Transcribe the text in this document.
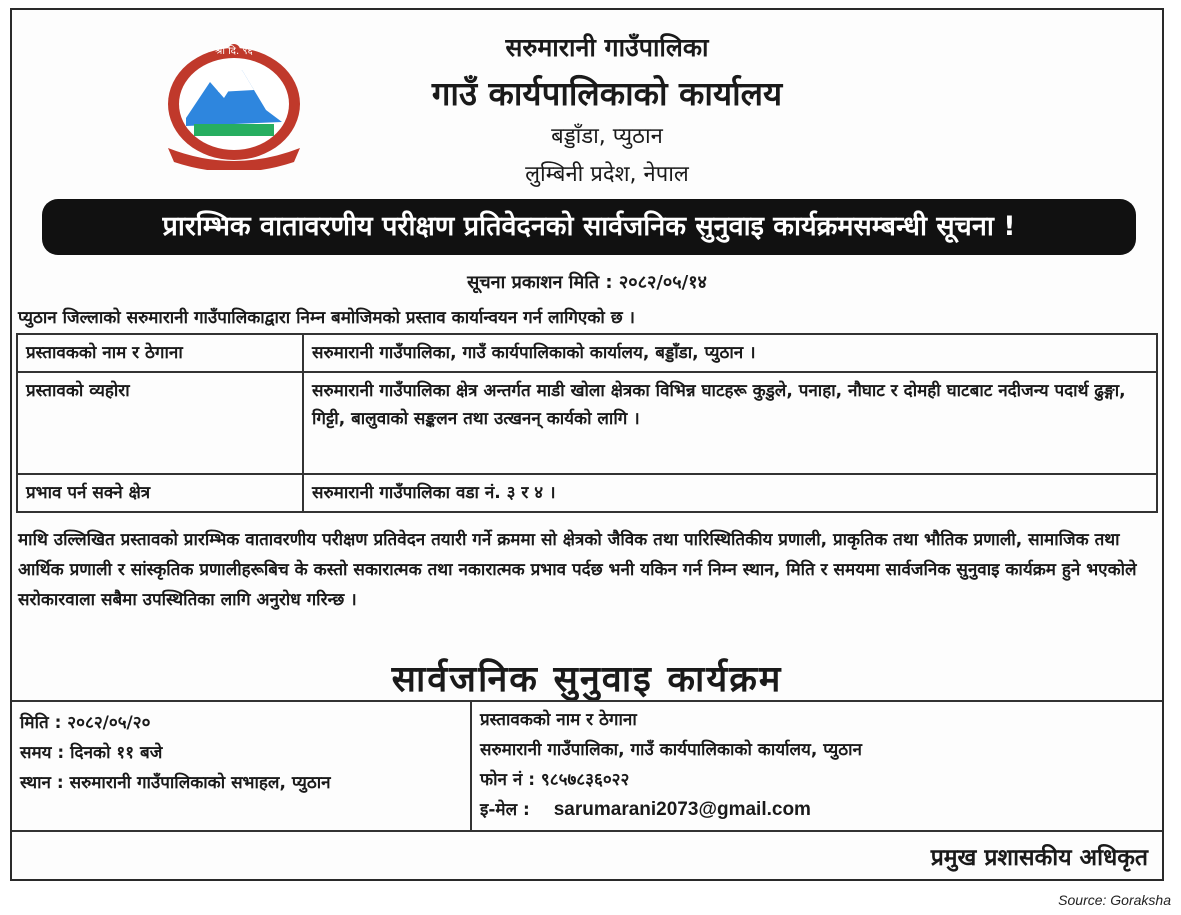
श्री दि. ९६	सरुमारानी गाउँपालिका
गाउँ कार्यपालिकाको कार्यालय
बड्डाँडा, प्युठान
लुम्बिनी प्रदेश, नेपाल
प्रारम्भिक वातावरणीय परीक्षण प्रतिवेदनको सार्वजनिक सुनुवाइ कार्यक्रमसम्बन्धी सूचना !
सूचना प्रकाशन मिति : २०८२/०५/१४
प्युठान जिल्लाको सरुमारानी गाउँपालिकाद्वारा निम्न बमोजिमको प्रस्ताव कार्यान्वयन गर्न लागिएको छ ।
प्रस्तावकको नाम र ठेगाना	सरुमारानी गाउँपालिका, गाउँ कार्यपालिकाको कार्यालय, बड्डाँडा, प्युठान ।
प्रस्तावको व्यहोरा	सरुमारानी गाउँपालिका क्षेत्र अन्तर्गत माडी खोला क्षेत्रका विभिन्न घाटहरू कुडुले, पनाहा, नौघाट र दोमही घाटबाट नदीजन्य पदार्थ ढुङ्गा, गिट्टी, बालुवाको सङ्कलन तथा उत्खनन् कार्यको लागि ।
प्रभाव पर्न सक्ने क्षेत्र	सरुमारानी गाउँपालिका वडा नं. ३ र ४ ।
माथि उल्लिखित प्रस्तावको प्रारम्भिक वातावरणीय परीक्षण प्रतिवेदन तयारी गर्ने क्रममा सो क्षेत्रको जैविक तथा पारिस्थितिकीय प्रणाली, प्राकृतिक तथा भौतिक प्रणाली, सामाजिक तथा आर्थिक प्रणाली र सांस्कृतिक प्रणालीहरूबिच के कस्तो सकारात्मक तथा नकारात्मक प्रभाव पर्दछ भनी यकिन गर्न निम्न स्थान, मिति र समयमा सार्वजनिक सुनुवाइ कार्यक्रम हुने भएकोले सरोकारवाला सबैमा उपस्थितिका लागि अनुरोध गरिन्छ ।
सार्वजनिक सुनुवाइ कार्यक्रम
मिति : २०८२/०५/२०
समय : दिनको ११ बजे
स्थान : सरुमारानी गाउँपालिकाको सभाहल, प्युठान
प्रस्तावकको नाम र ठेगाना
सरुमारानी गाउँपालिका, गाउँ कार्यपालिकाको कार्यालय, प्युठान
फोन नं : ९८५७८३६०२२
इ-मेल : sarumarani2073@gmail.com
प्रमुख प्रशासकीय अधिकृत
Source: Goraksha
